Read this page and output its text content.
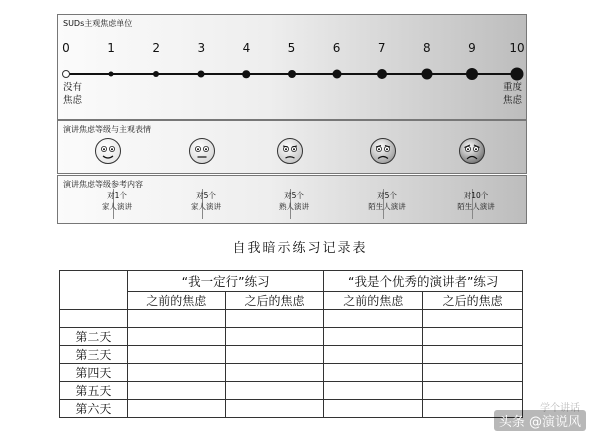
SUDs主观焦虑单位
0	1	2	3	4	5	6	7	8	9	10
没有
焦虑
重度
焦虑
演讲焦虑等级与主观表情
演讲焦虑等级参考内容
对1个
家人演讲
对5个
家人演讲
对5个
熟人演讲
对5个
陌生人演讲
对10个
陌生人演讲
自我暗示练习记录表
	“我一定行”练习		“我是个优秀的演讲者”练习	
	之前的焦虑	之后的焦虑	之前的焦虑	之后的焦虑

第二天				
第三天				
第四天				
第五天				
第六天					学个讲话
头条 @演说风
